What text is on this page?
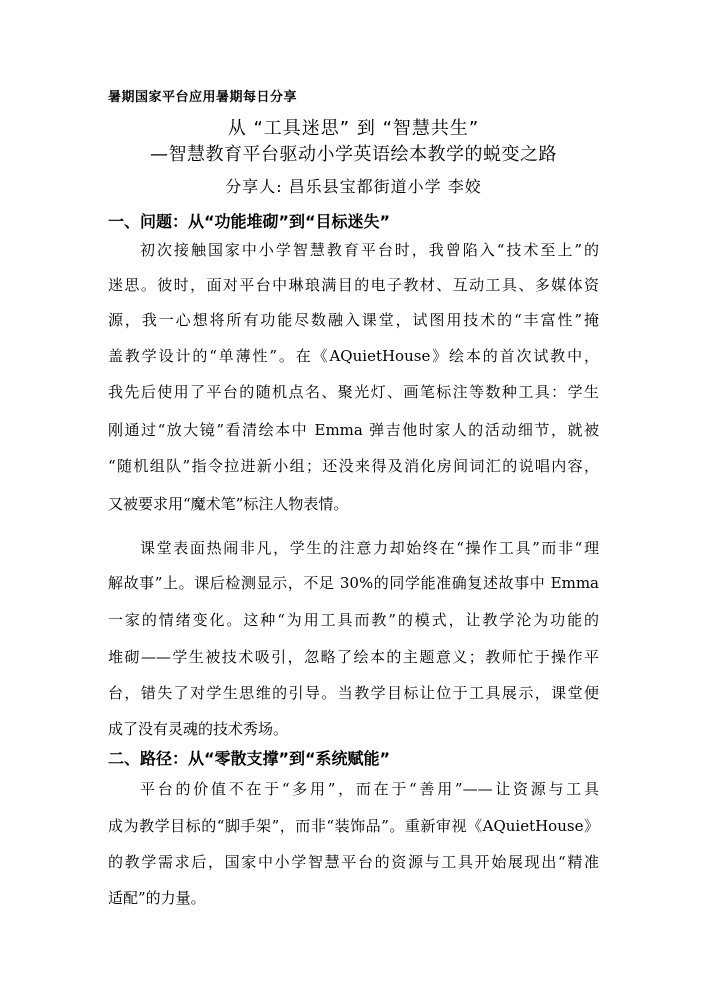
暑期国家平台应用暑期每日分享
从 “工具迷思” 到 “智慧共生”
—智慧教育平台驱动小学英语绘本教学的蜕变之路
分享人: 昌乐县宝都街道小学 李姣
一、问题：从“功能堆砌”到“目标迷失”
初次接触国家中小学智慧教育平台时，我曾陷入“技术至上”的
迷思。彼时，面对平台中琳琅满目的电子教材、互动工具、多媒体资
源，我一心想将所有功能尽数融入课堂，试图用技术的“丰富性”掩
盖教学设计的“单薄性”。在《AQuietHouse》绘本的首次试教中，
我先后使用了平台的随机点名、聚光灯、画笔标注等数种工具：学生
刚通过“放大镜”看清绘本中 Emma 弹吉他时家人的活动细节，就被
“随机组队”指令拉进新小组；还没来得及消化房间词汇的说唱内容，
又被要求用“魔术笔”标注人物表情。
课堂表面热闹非凡，学生的注意力却始终在“操作工具”而非“理
解故事”上。课后检测显示，不足 30%的同学能准确复述故事中 Emma
一家的情绪变化。这种“为用工具而教”的模式，让教学沦为功能的
堆砌——学生被技术吸引，忽略了绘本的主题意义；教师忙于操作平
台，错失了对学生思维的引导。当教学目标让位于工具展示，课堂便
成了没有灵魂的技术秀场。
二、路径：从“零散支撑”到“系统赋能”
平台的价值不在于“多用”，而在于“善用”——让资源与工具
成为教学目标的“脚手架”，而非“装饰品”。重新审视《AQuietHouse》
的教学需求后，国家中小学智慧平台的资源与工具开始展现出“精准
适配”的力量。
